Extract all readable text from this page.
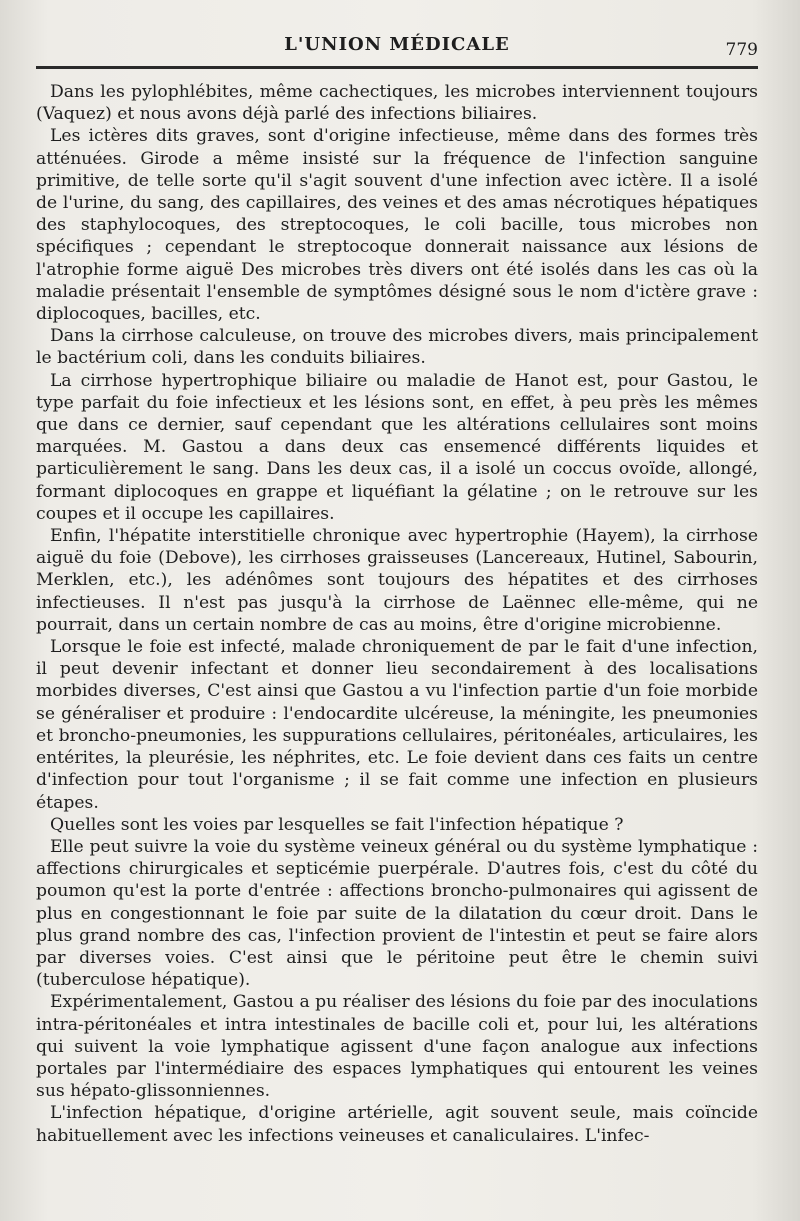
L'UNION MÉDICALE	779

Dans les pylophlébites, même cachectiques, les microbes interviennent toujours (Vaquez) et nous avons déjà parlé des infections biliaires.

Les ictères dits graves, sont d'origine infectieuse, même dans des formes très atténuées. Girode a même insisté sur la fréquence de l'infection sanguine primitive, de telle sorte qu'il s'agit souvent d'une infection avec ictère. Il a isolé de l'urine, du sang, des capillaires, des veines et des amas nécrotiques hépatiques des staphylocoques, des streptocoques, le coli bacille, tous microbes non spécifiques ; cependant le streptocoque donnerait naissance aux lésions de l'atrophie forme aiguë Des microbes très divers ont été isolés dans les cas où la maladie présentait l'ensemble de symptômes désigné sous le nom d'ictère grave : diplocoques, bacilles, etc.

Dans la cirrhose calculeuse, on trouve des microbes divers, mais principalement le bactérium coli, dans les conduits biliaires.

La cirrhose hypertrophique biliaire ou maladie de Hanot est, pour Gastou, le type parfait du foie infectieux et les lésions sont, en effet, à peu près les mêmes que dans ce dernier, sauf cependant que les altérations cellulaires sont moins marquées. M. Gastou a dans deux cas ensemencé différents liquides et particulièrement le sang. Dans les deux cas, il a isolé un coccus ovoïde, allongé, formant diplocoques en grappe et liquéfiant la gélatine ; on le retrouve sur les coupes et il occupe les capillaires.

Enfin, l'hépatite interstitielle chronique avec hypertrophie (Hayem), la cirrhose aiguë du foie (Debove), les cirrhoses graisseuses (Lancereaux, Hutinel, Sabourin, Merklen, etc.), les adénômes sont toujours des hépatites et des cirrhoses infectieuses. Il n'est pas jusqu'à la cirrhose de Laënnec elle-même, qui ne pourrait, dans un certain nombre de cas au moins, être d'origine microbienne.

Lorsque le foie est infecté, malade chroniquement de par le fait d'une infection, il peut devenir infectant et donner lieu secondairement à des localisations morbides diverses, C'est ainsi que Gastou a vu l'infection partie d'un foie morbide se généraliser et produire : l'endocardite ulcéreuse, la méningite, les pneumonies et broncho-pneumonies, les suppurations cellulaires, péritonéales, articulaires, les entérites, la pleurésie, les néphrites, etc. Le foie devient dans ces faits un centre d'infection pour tout l'organisme ; il se fait comme une infection en plusieurs étapes.

Quelles sont les voies par lesquelles se fait l'infection hépatique ?

Elle peut suivre la voie du système veineux général ou du système lymphatique : affections chirurgicales et septicémie puerpérale. D'autres fois, c'est du côté du poumon qu'est la porte d'entrée : affections broncho-pulmonaires qui agissent de plus en congestionnant le foie par suite de la dilatation du cœur droit. Dans le plus grand nombre des cas, l'infection provient de l'intestin et peut se faire alors par diverses voies. C'est ainsi que le péritoine peut être le chemin suivi (tuberculose hépatique).

Expérimentalement, Gastou a pu réaliser des lésions du foie par des inoculations intra-péritonéales et intra intestinales de bacille coli et, pour lui, les altérations qui suivent la voie lymphatique agissent d'une façon analogue aux infections portales par l'intermédiaire des espaces lymphatiques qui entourent les veines sus hépato-glissonniennes.

L'infection hépatique, d'origine artérielle, agit souvent seule, mais coïncide habituellement avec les infections veineuses et canaliculaires. L'infec-
